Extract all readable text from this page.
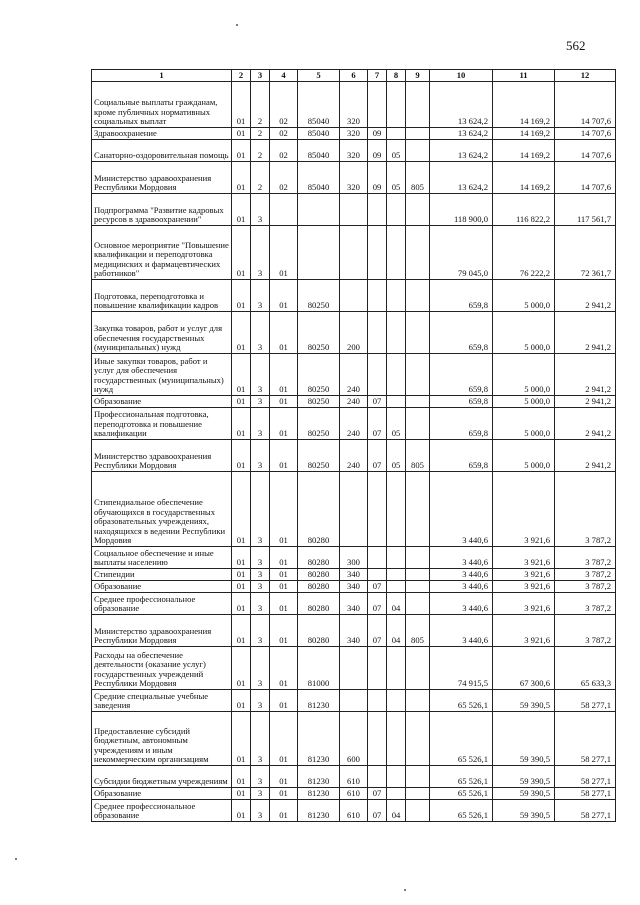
562
1	2	3	4	5	6	7	8	9	10	11	12
Социальные выплаты гражданам, кроме публичных нормативных социальных выплат	01	2	02	85040	320				13 624,2	14 169,2	14 707,6
Здравоохранение	01	2	02	85040	320	09			13 624,2	14 169,2	14 707,6
Санаторно-оздоровительная помощь	01	2	02	85040	320	09	05		13 624,2	14 169,2	14 707,6
Министерство здравоохранения Республики Мордовия	01	2	02	85040	320	09	05	805	13 624,2	14 169,2	14 707,6
Подпрограмма "Развитие кадровых ресурсов в здравоохранении"	01	3							118 900,0	116 822,2	117 561,7
Основное мероприятие "Повышение квалификации и переподготовка медицинских и фармацевтических работников"	01	3	01						79 045,0	76 222,2	72 361,7
Подготовка, переподготовка и повышение квалификации кадров	01	3	01	80250					659,8	5 000,0	2 941,2
Закупка товаров, работ и услуг для обеспечения государственных (муниципальных) нужд	01	3	01	80250	200				659,8	5 000,0	2 941,2
Иные закупки товаров, работ и услуг для обеспечения государственных (муниципальных) нужд	01	3	01	80250	240				659,8	5 000,0	2 941,2
Образование	01	3	01	80250	240	07			659,8	5 000,0	2 941,2
Профессиональная подготовка, переподготовка и повышение квалификации	01	3	01	80250	240	07	05		659,8	5 000,0	2 941,2
Министерство здравоохранения Республики Мордовия	01	3	01	80250	240	07	05	805	659,8	5 000,0	2 941,2
Стипендиальное обеспечение обучающихся в государственных образовательных учреждениях, находящихся в ведении Республики Мордовия	01	3	01	80280					3 440,6	3 921,6	3 787,2
Социальное обеспечение и иные выплаты населению	01	3	01	80280	300				3 440,6	3 921,6	3 787,2
Стипендии	01	3	01	80280	340				3 440,6	3 921,6	3 787,2
Образование	01	3	01	80280	340	07			3 440,6	3 921,6	3 787,2
Среднее профессиональное образование	01	3	01	80280	340	07	04		3 440,6	3 921,6	3 787,2
Министерство здравоохранения Республики Мордовия	01	3	01	80280	340	07	04	805	3 440,6	3 921,6	3 787,2
Расходы на обеспечение деятельности (оказание услуг) государственных учреждений Республики Мордовия	01	3	01	81000					74 915,5	67 300,6	65 633,3
Средние специальные учебные заведения	01	3	01	81230					65 526,1	59 390,5	58 277,1
Предоставление субсидий бюджетным, автономным учреждениям и иным некоммерческим организациям	01	3	01	81230	600				65 526,1	59 390,5	58 277,1
Субсидии бюджетным учреждениям	01	3	01	81230	610				65 526,1	59 390,5	58 277,1
Образование	01	3	01	81230	610	07			65 526,1	59 390,5	58 277,1
Среднее профессиональное образование	01	3	01	81230	610	07	04		65 526,1	59 390,5	58 277,1
